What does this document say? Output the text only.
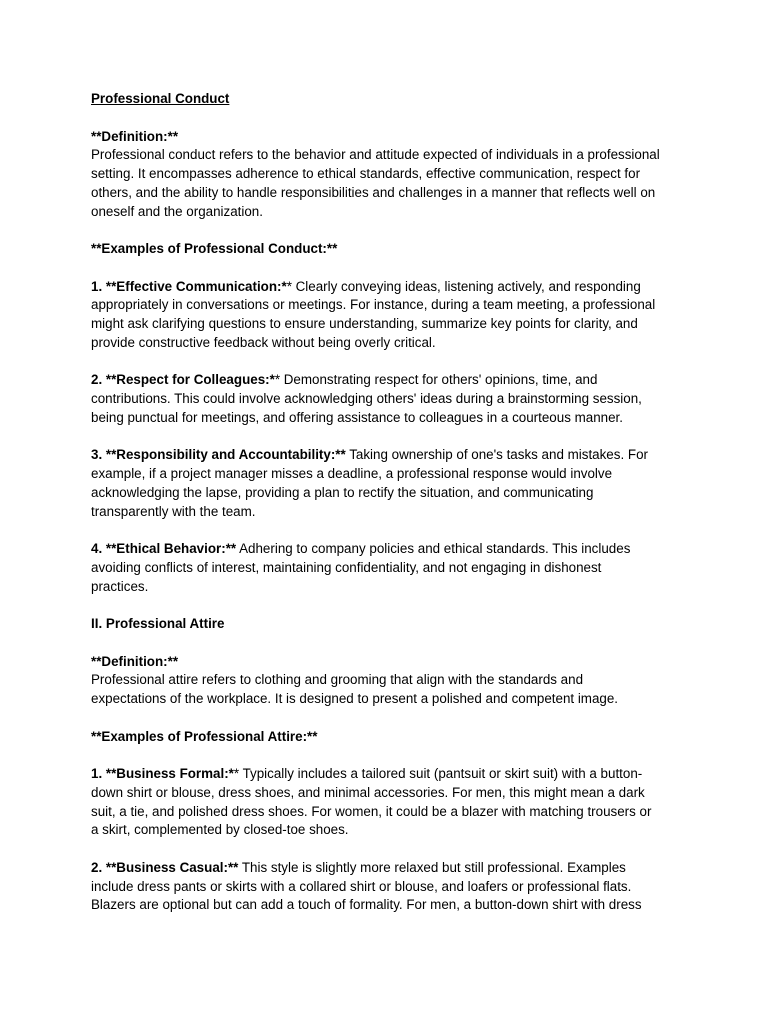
Professional Conduct

**Definition:**

Professional conduct refers to the behavior and attitude expected of individuals in a professional

setting. It encompasses adherence to ethical standards, effective communication, respect for

others, and the ability to handle responsibilities and challenges in a manner that reflects well on

oneself and the organization.

**Examples of Professional Conduct:**

1. **Effective Communication:** Clearly conveying ideas, listening actively, and responding

appropriately in conversations or meetings. For instance, during a team meeting, a professional

might ask clarifying questions to ensure understanding, summarize key points for clarity, and

provide constructive feedback without being overly critical.

2. **Respect for Colleagues:** Demonstrating respect for others' opinions, time, and

contributions. This could involve acknowledging others' ideas during a brainstorming session,

being punctual for meetings, and offering assistance to colleagues in a courteous manner.

3. **Responsibility and Accountability:** Taking ownership of one's tasks and mistakes. For

example, if a project manager misses a deadline, a professional response would involve

acknowledging the lapse, providing a plan to rectify the situation, and communicating

transparently with the team.

4. **Ethical Behavior:** Adhering to company policies and ethical standards. This includes

avoiding conflicts of interest, maintaining confidentiality, and not engaging in dishonest

practices.

II. Professional Attire

**Definition:**

Professional attire refers to clothing and grooming that align with the standards and

expectations of the workplace. It is designed to present a polished and competent image.

**Examples of Professional Attire:**

1. **Business Formal:** Typically includes a tailored suit (pantsuit or skirt suit) with a button-

down shirt or blouse, dress shoes, and minimal accessories. For men, this might mean a dark

suit, a tie, and polished dress shoes. For women, it could be a blazer with matching trousers or

a skirt, complemented by closed-toe shoes.

2. **Business Casual:** This style is slightly more relaxed but still professional. Examples

include dress pants or skirts with a collared shirt or blouse, and loafers or professional flats.

Blazers are optional but can add a touch of formality. For men, a button-down shirt with dress
